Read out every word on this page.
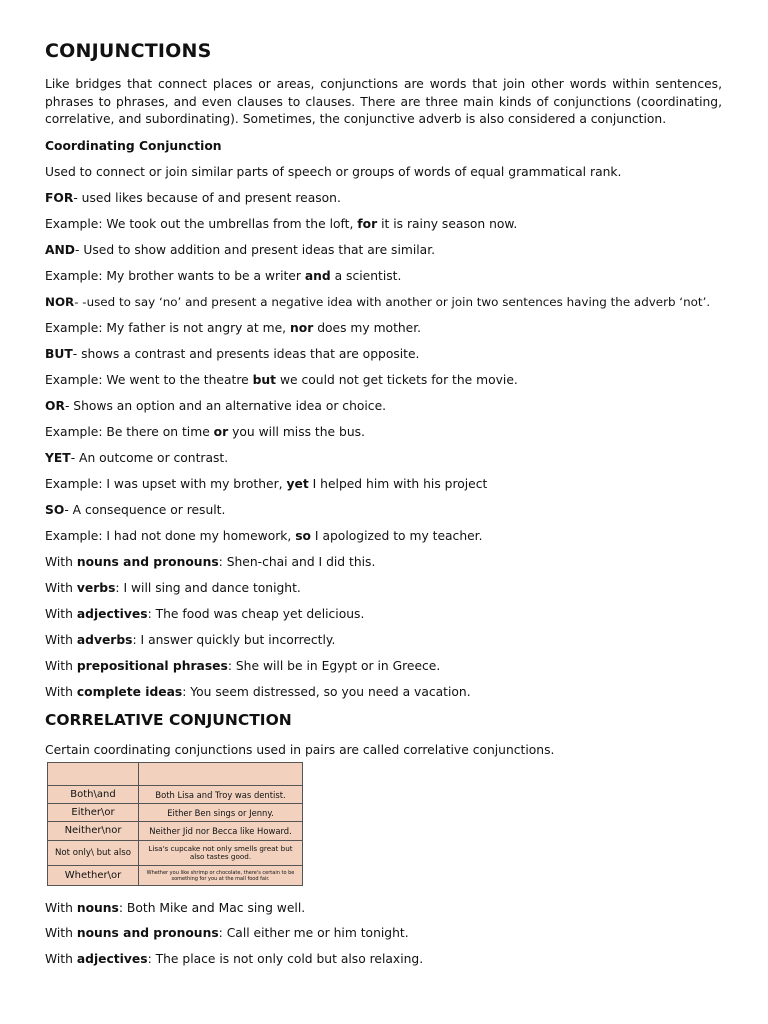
CONJUNCTIONS

Like bridges that connect places or areas, conjunctions are words that join other words within sentences, phrases to phrases, and even clauses to clauses. There are three main kinds of conjunctions (coordinating, correlative, and subordinating). Sometimes, the conjunctive adverb is also considered a conjunction.

Coordinating Conjunction

Used to connect or join similar parts of speech or groups of words of equal grammatical rank.

FOR- used likes because of and present reason.

Example: We took out the umbrellas from the loft, for it is rainy season now.

AND- Used to show addition and present ideas that are similar.

Example: My brother wants to be a writer and a scientist.

NOR- -used to say ‘no’ and present a negative idea with another or join two sentences having the adverb ‘not’.

Example: My father is not angry at me, nor does my mother.

BUT- shows a contrast and presents ideas that are opposite.

Example: We went to the theatre but we could not get tickets for the movie.

OR- Shows an option and an alternative idea or choice.

Example: Be there on time or you will miss the bus.

YET- An outcome or contrast.

Example: I was upset with my brother, yet I helped him with his project

SO- A consequence or result.

Example: I had not done my homework, so I apologized to my teacher.

With nouns and pronouns: Shen-chai and I did this.

With verbs: I will sing and dance tonight.

With adjectives: The food was cheap yet delicious.

With adverbs: I answer quickly but incorrectly.

With prepositional phrases: She will be in Egypt or in Greece.

With complete ideas: You seem distressed, so you need a vacation.

CORRELATIVE CONJUNCTION

Certain coordinating conjunctions used in pairs are called correlative conjunctions.

Both\and	Both Lisa and Troy was dentist.
Either\or	Either Ben sings or Jenny.
Neither\nor	Neither Jid nor Becca like Howard.
Not only\ but also	Lisa's cupcake not only smells great but also tastes good.
Whether\or	Whether you like shrimp or chocolate, there's certain to be something for you at the mall food fair.

With nouns: Both Mike and Mac sing well.

With nouns and pronouns: Call either me or him tonight.

With adjectives: The place is not only cold but also relaxing.
